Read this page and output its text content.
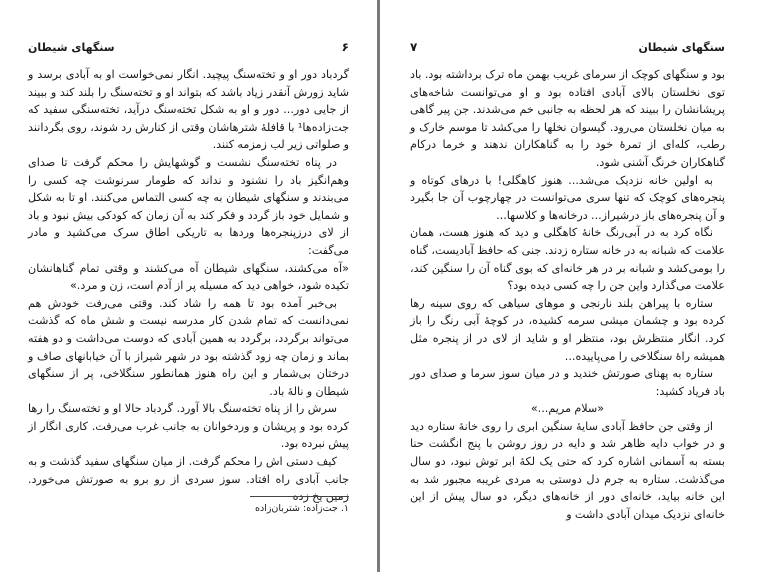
۶
سنگهای شیطان

گردباد دور او و تخته‌سنگ پیچید. انگار نمی‌خواست او به آبادی برسد و شاید زورش آنقدر زیاد باشد که بتواند او و تخته‌سنگ را بلند کند و ببیند از جایی دور... دور و او به شکل تخته‌سنگ درآید، تخته‌سنگی سفید که جت‌زاده‌ها¹ با قافلهٔ شترهاشان وقتی از کنارش رد شوند، روی بگردانند و صلواتی زیر لب زمزمه کنند.

در پناه تخته‌سنگ نشست و گوشهایش را محکم گرفت تا صدای وهم‌انگیز باد را نشنود و نداند که طومار سرنوشت چه کسی را می‌بندند و سنگهای شیطان به چه کسی التماس می‌کنند. او تا به شکل و شمایل خود باز گردد و فکر کند به آن زمان که کودکی بیش نبود و باد از لای درزپنجره‌ها وردها به تاریکی اطاق سرک می‌کشید و مادر می‌گفت:

«آه می‌کشند، سنگهای شیطان آه می‌کشند و وقتی تمام گناهانشان تکیده شود، خواهی دید که مسیله پر از آدم است، زن و مرد.»

بی‌خبر آمده بود تا همه را شاد کند. وقتی می‌رفت خودش هم نمی‌دانست که تمام شدن کار مدرسه نیست و شش ماه که گذشت می‌تواند برگردد، برگردد به همین آبادی که دوست می‌داشت و دو هفته بماند و زمان چه زود گذشته بود در شهر شیراز با آن خیابانهای صاف و درختان بی‌شمار و این راه هنوز همانطور سنگلاخی، پر از سنگهای شیطان و نالهٔ باد.

سرش را از پناه تخته‌سنگ بالا آورد. گردباد حالا او و تخته‌سنگ را رها کرده بود و پریشان و وردخوانان به جانب غرب می‌رفت. کاری انگار از پیش نبرده بود.

کیف دستی اش را محکم گرفت. از میان سنگهای سفید گذشت و به جانب آبادی راه افتاد. سوز سردی از رو برو به صورتش می‌خورد. زمین یخ زده

۱. جت‌زاده: شتربان‌زاده
سنگهای شیطان
۷

بود و سنگهای کوچک از سرمای غریب بهمن ماه ترک برداشته بود. باد توی نخلستان بالای آبادی افتاده بود و او می‌توانست شاخه‌های پریشانشان را ببیند که هر لحظه به جانبی خم می‌شدند. جن پیر گاهی به میان نخلستان می‌رود. گیسوان نخلها را می‌کشد تا موسم خارک و رطب، کله‌ای از تمرهٔ خود را به گناهکاران ندهند و خرما درکام گناهکاران خرنگ آشنی شود.

به اولین خانه نزدیک می‌شد... هنوز کاهگلی! با درهای کوتاه و پنجره‌های کوچک که تنها سری می‌توانست در چهارچوب آن جا بگیرد و آن پنجره‌های باز درشیراز... درخانه‌ها و کلاسها...

نگاه کرد به در آبی‌رنگ خانهٔ کاهگلی و دید که هنوز هست، همان علامت که شبانه به در خانه ستاره زدند. جنی که حافظ آبادیست، گناه را بومی‌کشد و شبانه بر در هر خانه‌ای که بوی گناه آن را سنگین کند، علامت می‌گذارد واین جن را چه کسی دیده بود؟

ستاره با پیراهن بلند نارنجی و موهای سیاهی که روی سینه رها کرده بود و چشمان میشی سرمه کشیده، در کوچهٔ آبی رنگ را باز کرد. انگار منتظرش بود، منتظر او و شاید از لای در از پنجره مثل همیشه راهٔ سنگلاخی را می‌پاییده...

ستاره به پهنای صورتش خندید و در میان سوز سرما و صدای دور باد فریاد کشید:

«سلام مریم...»

از وقتی جن حافظ آبادی سایهٔ سنگین ابری را روی خانهٔ ستاره دید و در خواب دایه ظاهر شد و دایه در روز روشن با پنج انگشت حنا بسته به آسمانی اشاره کرد که حتی یک لکهٔ ابر توش نبود، دو سال می‌گذشت. ستاره به جرم دل دوستی به مردی غریبه مجبور شد به این خانه بیاید، خانه‌ای دور از خانه‌های دیگر، دو سال پیش از این خانه‌ای نزدیک میدان آبادی داشت و
